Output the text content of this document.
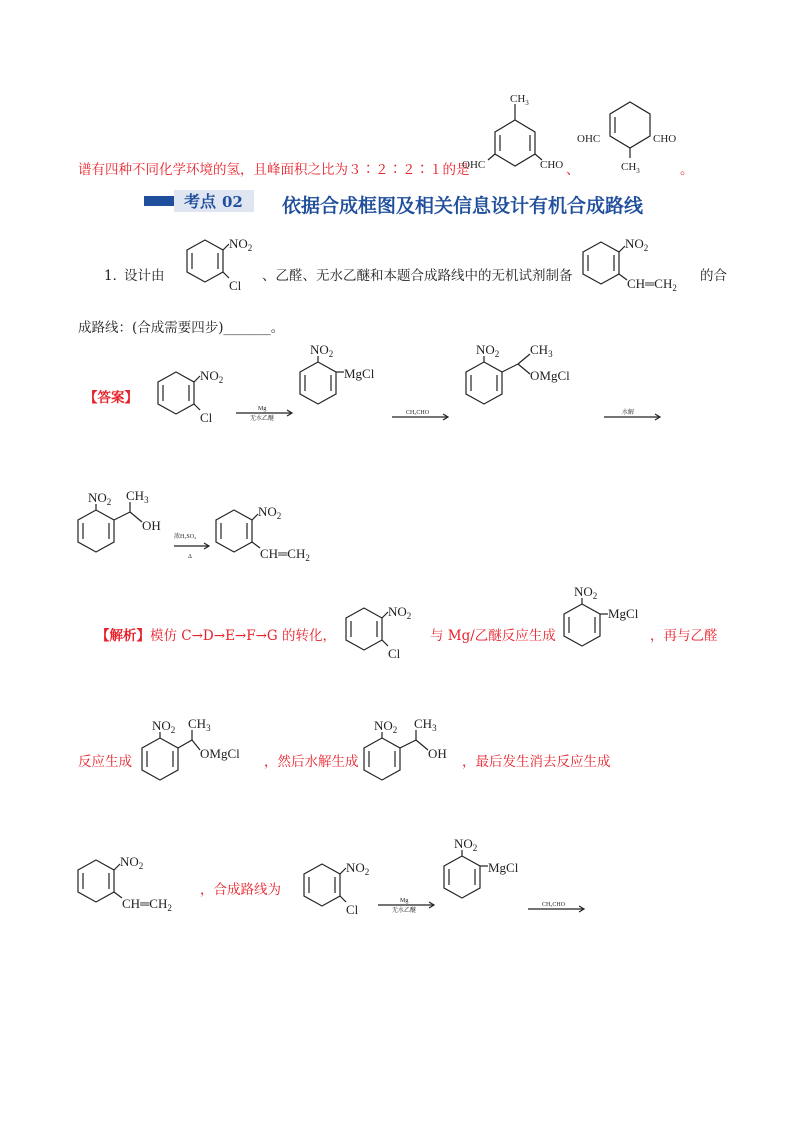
谱有四种不同化学环境的氢，且峰面积之比为３∶２∶２∶１的是
$CH_3$
OHC	CHO 、
OHC	CHO
$CH_3$	。
考点 02 依据合成框图及相关信息设计有机合成路线
1．
设计由
$NO_2$
Cl
、乙醛、无水乙醚和本题合成路线中的无机试剂制备
$NO_2$
$CH═CH_2$
的合
成路线：(合成需要四步)_______。
【答案】
$NO_2$
Cl
Mg
无水乙醚
$NO_2$
MgCl
CH₃CHO
$NO_2$ $CH_3$
OMgCl
水解
$NO_2$ $CH_3$
OH
浓H₂SO₄
Δ
$NO_2$
$CH═CH_2$
【解析】模仿 C→D→E→F→G 的转化，
$NO_2$
Cl
与 Mg/乙醚反应生成
$NO_2$
MgCl
，再与乙醛
反应生成
$NO_2$ $CH_3$
OMgCl
，然后水解生成
$NO_2$ $CH_3$
OH
，最后发生消去反应生成
$NO_2$
$CH═CH_2$
，合成路线为
$NO_2$
Cl
Mg
无水乙醚
$NO_2$
MgCl
CH₃CHO
